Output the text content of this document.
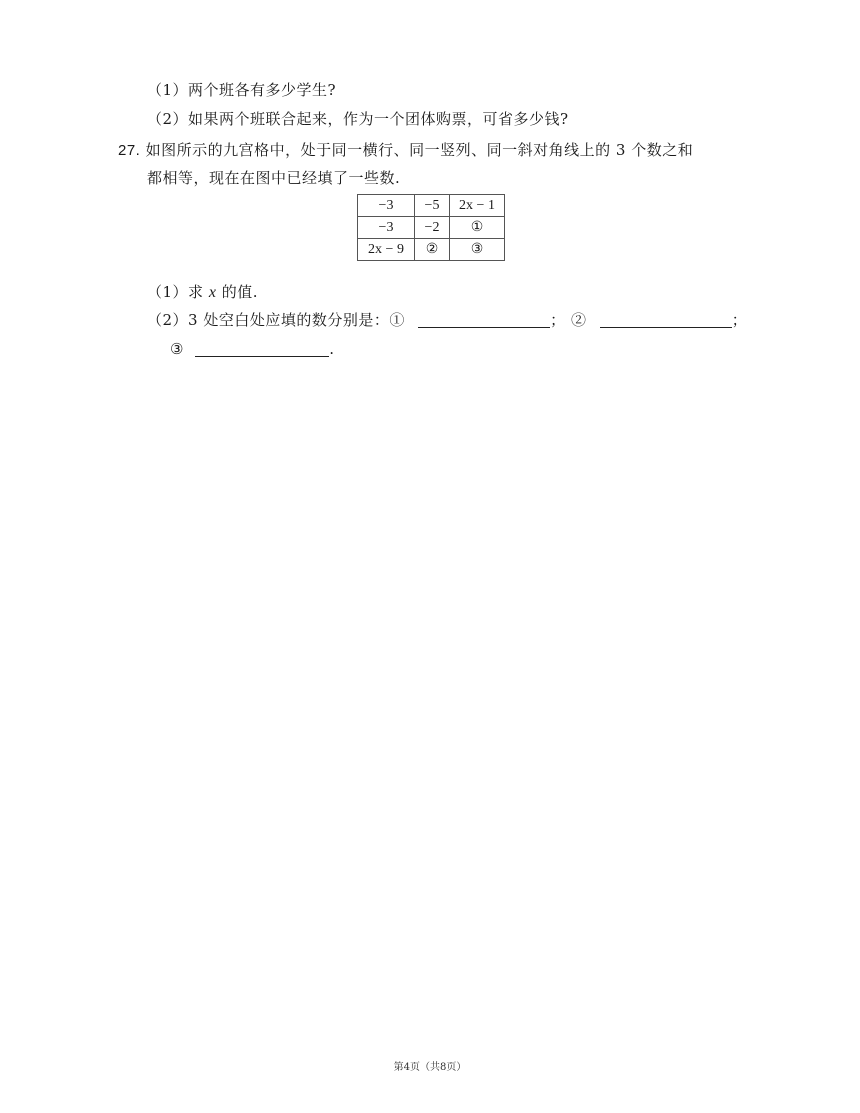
（1）两个班各有多少学生?
（2）如果两个班联合起来，作为一个团体购票，可省多少钱?
27. 如图所示的九宫格中，处于同一横行、同一竖列、同一斜对角线上的 3 个数之和
都相等，现在在图中已经填了一些数.
−3	−5	2x − 1
−3	−2	①
2x − 9	②	③
（1）求 x 的值.
（2）3 处空白处应填的数分别是：①	； ②	；
③	.
第4页（共8页）
